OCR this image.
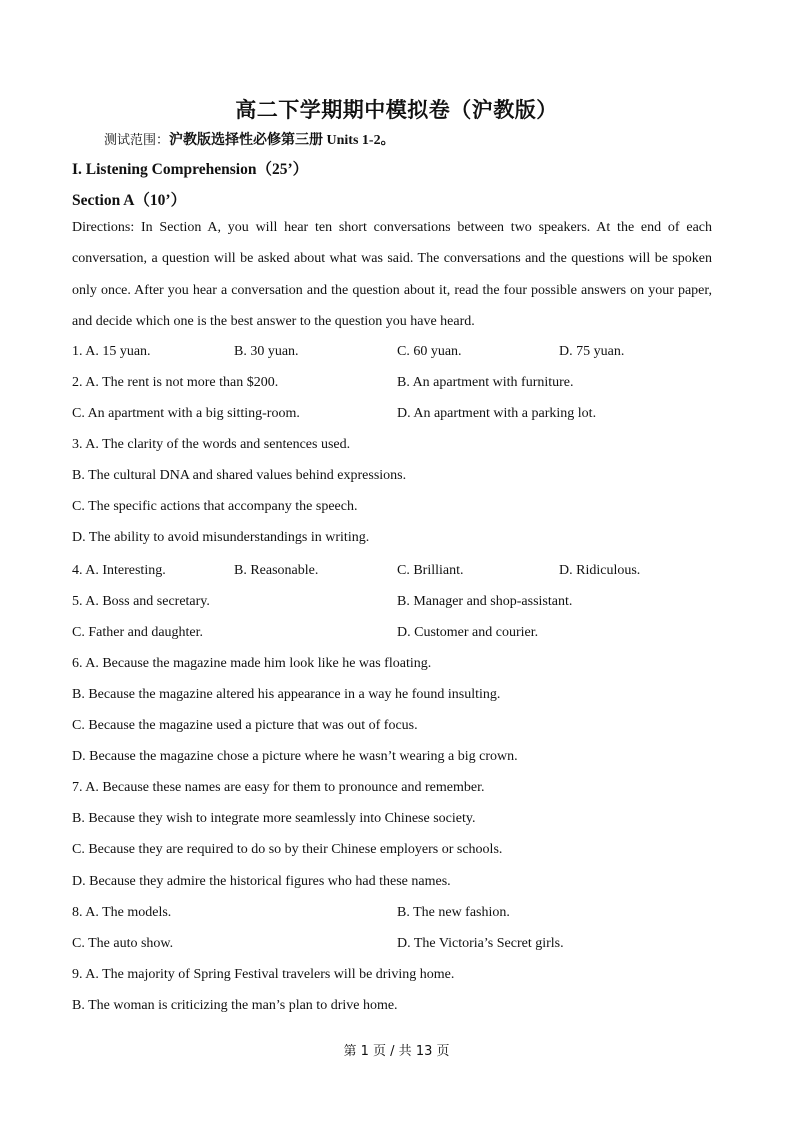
高二下学期期中模拟卷（沪教版）
测试范围：沪教版选择性必修第三册 Units 1-2。
I. Listening Comprehension（25’）
Section A（10’）
Directions: In Section A, you will hear ten short conversations between two speakers. At the end of each conversation, a question will be asked about what was said. The conversations and the questions will be spoken only once. After you hear a conversation and the question about it, read the four possible answers on your paper, and decide which one is the best answer to the question you have heard.
1. A. 15 yuan.	B. 30 yuan.	C. 60 yuan.	D. 75 yuan.
2. A. The rent is not more than $200.	B. An apartment with furniture.
C. An apartment with a big sitting-room.	D. An apartment with a parking lot.
3. A. The clarity of the words and sentences used.
B. The cultural DNA and shared values behind expressions.
C. The specific actions that accompany the speech.
D. The ability to avoid misunderstandings in writing.
4. A. Interesting.	B. Reasonable.	C. Brilliant.	D. Ridiculous.
5. A. Boss and secretary.	B. Manager and shop-assistant.
C. Father and daughter.	D. Customer and courier.
6. A. Because the magazine made him look like he was floating.
B. Because the magazine altered his appearance in a way he found insulting.
C. Because the magazine used a picture that was out of focus.
D. Because the magazine chose a picture where he wasn’t wearing a big crown.
7. A. Because these names are easy for them to pronounce and remember.
B. Because they wish to integrate more seamlessly into Chinese society.
C. Because they are required to do so by their Chinese employers or schools.
D. Because they admire the historical figures who had these names.
8. A. The models.	B. The new fashion.
C. The auto show.	D. The Victoria’s Secret girls.
9. A. The majority of Spring Festival travelers will be driving home.
B. The woman is criticizing the man’s plan to drive home.
第 1 页 / 共 13 页
